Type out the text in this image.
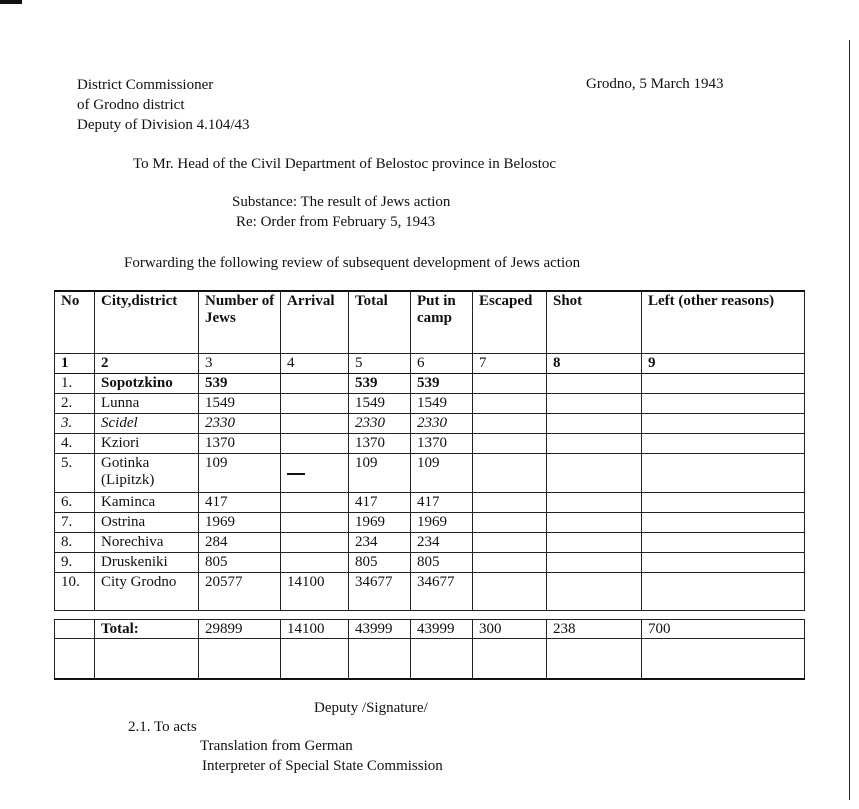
District Commissioner
of Grodno district
Deputy of Division 4.104/43
Grodno, 5 March 1943
To Mr. Head of the Civil Department of Belostoc province in Belostoc
Substance: The result of Jews action
Re: Order from February 5, 1943
Forwarding the following review of subsequent development of Jews action
No	City,district	Number of Jews	Arrival	Total	Put in camp	Escaped	Shot	Left (other reasons)
1	2	3	4	5	6	7	8	9
1.	Sopotzkino	539		539	539			
2.	Lunna	1549		1549	1549			
3.	Scidel	2330		2330	2330			
4.	Kziori	1370		1370	1370			
5.	Gotinka (Lipitzk)	109		109	109			
6.	Kaminca	417		417	417			
7.	Ostrina	1969		1969	1969			
8.	Norechiva	284		234	234			
9.	Druskeniki	805		805	805			
10.	City Grodno	20577	14100	34677	34677			

	Total:	29899	14100	43999	43999	300	238	700

Deputy /Signature/
2.1. To acts
Translation from German
Interpreter of Special State Commission
